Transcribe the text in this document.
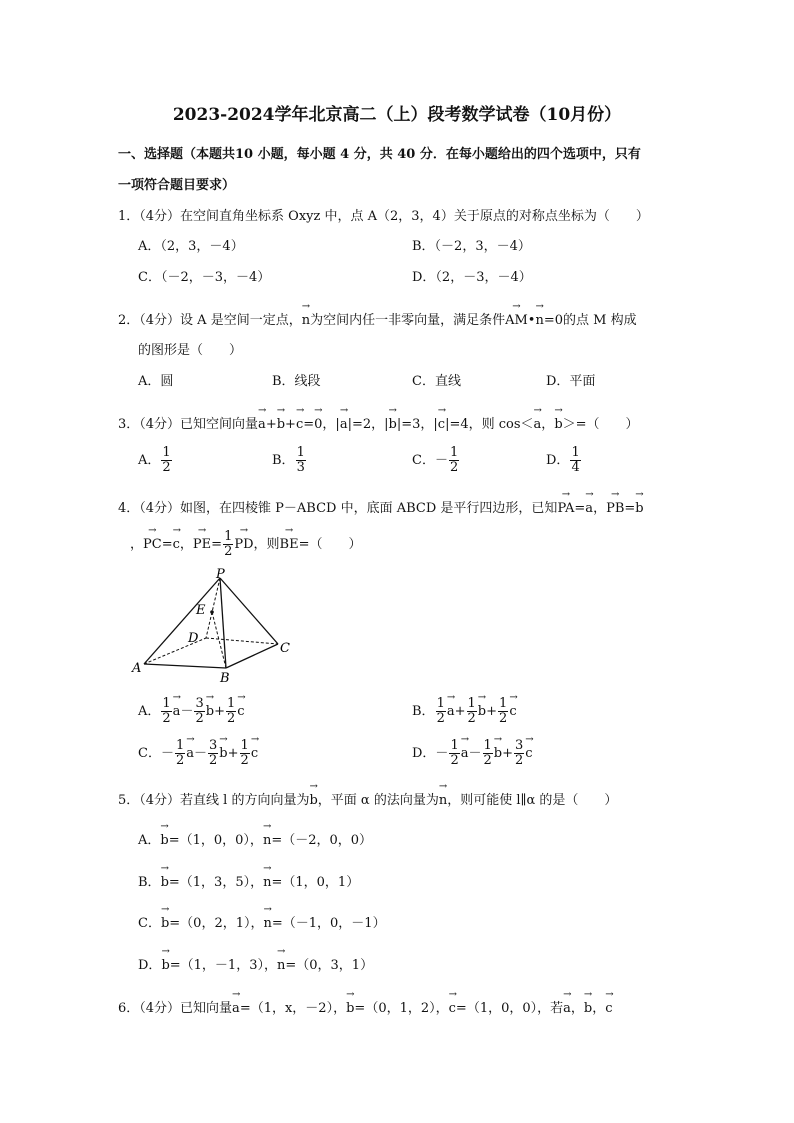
2023-2024学年北京高二（上）段考数学试卷（10月份）
一、选择题（本题共10 小题，每小题 4 分，共 40 分．在每小题给出的四个选项中，只有
一项符合题目要求）
1．（4分）在空间直角坐标系 Oxyz 中，点 A（2，3，4）关于原点的对称点坐标为（　　）
A．（2，3，－4）	B．（－2，3，－4）
C．（－2，－3，－4）	D．（2，－3，－4）
2．（4分）设 A 是空间一定点，→ n为空间内任一非零向量，满足条件→ AM•→ n=0的点 M 构成
的图形是（　　）
A．圆	B．线段	C．直线	D．平面
3．（4分）已知空间向量→ a+→ b+→ c=→ 0，|→ a|=2，|→ b|=3，|→ c|=4，则 cos＜→ a，→ b＞=（　　）
A． $\frac{1}{2}$	B． $\frac{1}{3}$	C．－ $\frac{1}{2}$	D． $\frac{1}{4}$
4．（4分）如图，在四棱锥 P－ABCD 中，底面 ABCD 是平行四边形，已知→ PA=→ a，→ PB=→ b
，→ PC=→ c，→ $PE= \frac{1}{2}$
→ PD，则→ BE=（　　）
P
E
D
C
A
B
A． $\frac{1}{2}$
→ $a- \frac{3}{2}$
→ $b+ \frac{1}{2}$
→ c	B． $\frac{1}{2}$
→ $a+ \frac{1}{2}$
→ $b+ \frac{1}{2}$
→ c
C．－ $\frac{1}{2}$
→ $a- \frac{3}{2}$
→ $b+ \frac{1}{2}$
→ c	D．－ $\frac{1}{2}$
→ $a- \frac{1}{2}$
→ $b+ \frac{3}{2}$
→ c
5．（4分）若直线 l 的方向向量为→ b，平面 α 的法向量为→ n，则可能使 l∥α 的是（　　）
A．→ b=（1，0，0），→ n=（－2，0，0）
B．→ b=（1，3，5），→ n=（1，0，1）
C．→ b=（0，2，1），→ n=（－1，0，－1）
D．→ b=（1，－1，3），→ n=（0，3，1）
6．（4分）已知向量→ a=（1，x，－2），→ b=（0，1，2），→ c=（1，0，0），若→ a，→ b，→ c
